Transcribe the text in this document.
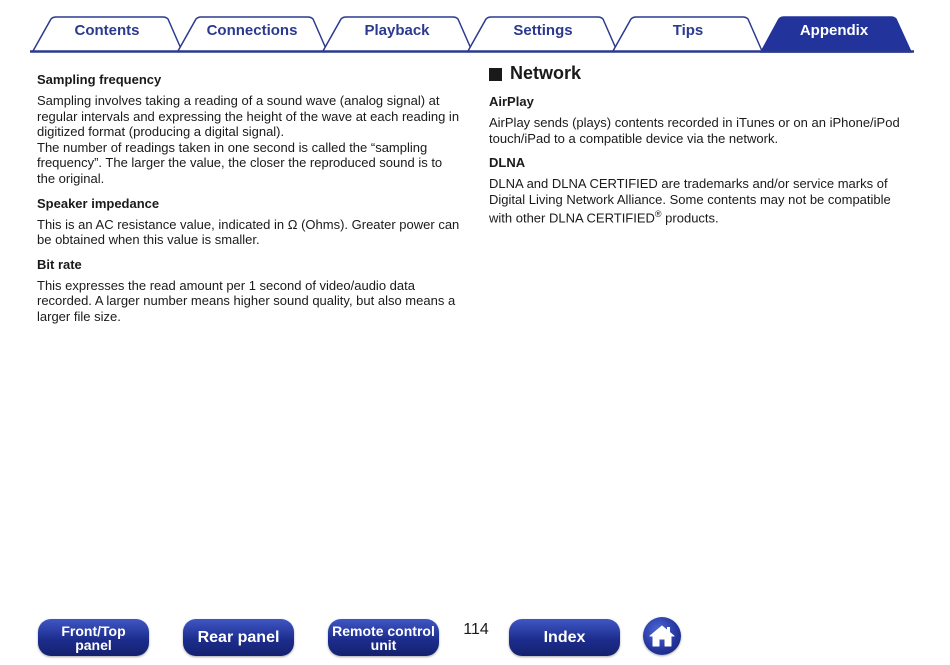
Contents	Connections	Playback	Settings	Tips	Appendix

Sampling frequency

Sampling involves taking a reading of a sound wave (analog signal) at regular intervals and expressing the height of the wave at each reading in digitized format (producing a digital signal).

The number of readings taken in one second is called the “sampling frequency”. The larger the value, the closer the reproduced sound is to the original.

Speaker impedance

This is an AC resistance value, indicated in Ω (Ohms). Greater power can be obtained when this value is smaller.

Bit rate

This expresses the read amount per 1 second of video/audio data recorded. A larger number means higher sound quality, but also means a larger file size.

Network

AirPlay

AirPlay sends (plays) contents recorded in iTunes or on an iPhone/iPod touch/iPad to a compatible device via the network.

DLNA

DLNA and DLNA CERTIFIED are trademarks and/or service marks of Digital Living Network Alliance. Some contents may not be compatible with other DLNA CERTIFIED® products.

Front/Top
panel	Rear panel	Remote control
unit
114	Index
